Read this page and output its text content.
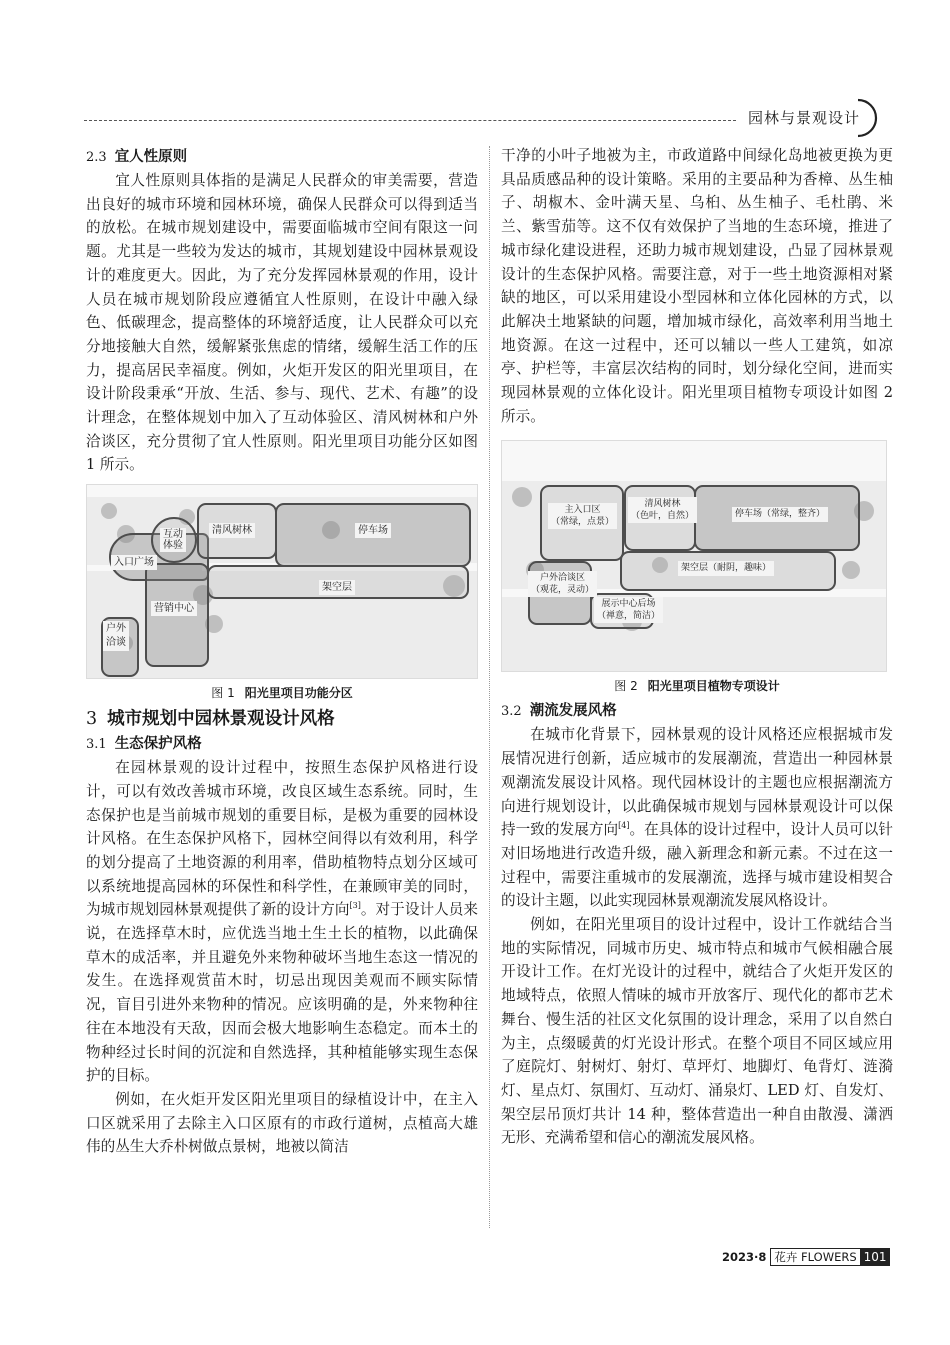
园林与景观设计
2.3 宜人性原则

宜人性原则具体指的是满足人民群众的审美需要，营造出良好的城市环境和园林环境，确保人民群众可以得到适当的放松。在城市规划建设中，需要面临城市空间有限这一问题。尤其是一些较为发达的城市，其规划建设中园林景观设计的难度更大。因此，为了充分发挥园林景观的作用，设计人员在城市规划阶段应遵循宜人性原则，在设计中融入绿色、低碳理念，提高整体的环境舒适度，让人民群众可以充分地接触大自然，缓解紧张焦虑的情绪，缓解生活工作的压力，提高居民幸福度。例如，火炬开发区的阳光里项目，在设计阶段秉承“开放、生活、参与、现代、艺术、有趣”的设计理念，在整体规划中加入了互动体验区、清风树林和户外洽谈区，充分贯彻了宜人性原则。阳光里项目功能分区如图 1 所示。

互动
体验
清风树林	停车场
入口广场
架空层
营销中心
户外
洽谈
图 1 阳光里项目功能分区
3 城市规划中园林景观设计风格
3.1 生态保护风格

在园林景观的设计过程中，按照生态保护风格进行设计，可以有效改善城市环境，改良区域生态系统。同时，生态保护也是当前城市规划的重要目标，是极为重要的园林设计风格。在生态保护风格下，园林空间得以有效利用，科学的划分提高了土地资源的利用率，借助植物特点划分区域可以系统地提高园林的环保性和科学性，在兼顾审美的同时，为城市规划园林景观提供了新的设计方向[3]。对于设计人员来说，在选择草木时，应优选当地土生土长的植物，以此确保草木的成活率，并且避免外来物种破坏当地生态这一情况的发生。在选择观赏苗木时，切忌出现因美观而不顾实际情况，盲目引进外来物种的情况。应该明确的是，外来物种往往在本地没有天敌，因而会极大地影响生态稳定。而本土的物种经过长时间的沉淀和自然选择，其种植能够实现生态保护的目标。

例如，在火炬开发区阳光里项目的绿植设计中，在主入口区就采用了去除主入口区原有的市政行道树，点植高大雄伟的丛生大乔朴树做点景树，地被以简洁

干净的小叶子地被为主，市政道路中间绿化岛地被更换为更具品质感品种的设计策略。采用的主要品种为香樟、丛生柚子、胡椒木、金叶满天星、乌桕、丛生柚子、毛杜鹃、米兰、紫雪茄等。这不仅有效保护了当地的生态环境，推进了城市绿化建设进程，还助力城市规划建设，凸显了园林景观设计的生态保护风格。需要注意，对于一些土地资源相对紧缺的地区，可以采用建设小型园林和立体化园林的方式，以此解决土地紧缺的问题，增加城市绿化，高效率利用当地土地资源。在这一过程中，还可以辅以一些人工建筑，如凉亭、护栏等，丰富层次结构的同时，划分绿化空间，进而实现园林景观的立体化设计。阳光里项目植物专项设计如图 2 所示。

主入口区
（常绿，点景）
清风树林
（色叶，自然）	停车场（常绿，整齐）
架空层（耐阴，趣味）
户外洽谈区
（观花，灵动）
展示中心后场
（禅意，简洁）
图 2 阳光里项目植物专项设计
3.2 潮流发展风格

在城市化背景下，园林景观的设计风格还应根据城市发展情况进行创新，适应城市的发展潮流，营造出一种园林景观潮流发展设计风格。现代园林设计的主题也应根据潮流方向进行规划设计，以此确保城市规划与园林景观设计可以保持一致的发展方向[4]。在具体的设计过程中，设计人员可以针对旧场地进行改造升级，融入新理念和新元素。不过在这一过程中，需要注重城市的发展潮流，选择与城市建设相契合的设计主题，以此实现园林景观潮流发展风格设计。

例如，在阳光里项目的设计过程中，设计工作就结合当地的实际情况，同城市历史、城市特点和城市气候相融合展开设计工作。在灯光设计的过程中，就结合了火炬开发区的地域特点，依照人情味的城市开放客厅、现代化的都市艺术舞台、慢生活的社区文化氛围的设计理念，采用了以自然白为主，点缀暖黄的灯光设计形式。在整个项目不同区域应用了庭院灯、射树灯、射灯、草坪灯、地脚灯、龟背灯、涟漪灯、星点灯、氛围灯、互动灯、涌泉灯、LED 灯、自发灯、架空层吊顶灯共计 14 种，整体营造出一种自由散漫、潇洒无形、充满希望和信心的潮流发展风格。

2023·8 花卉 FLOWERS 101
